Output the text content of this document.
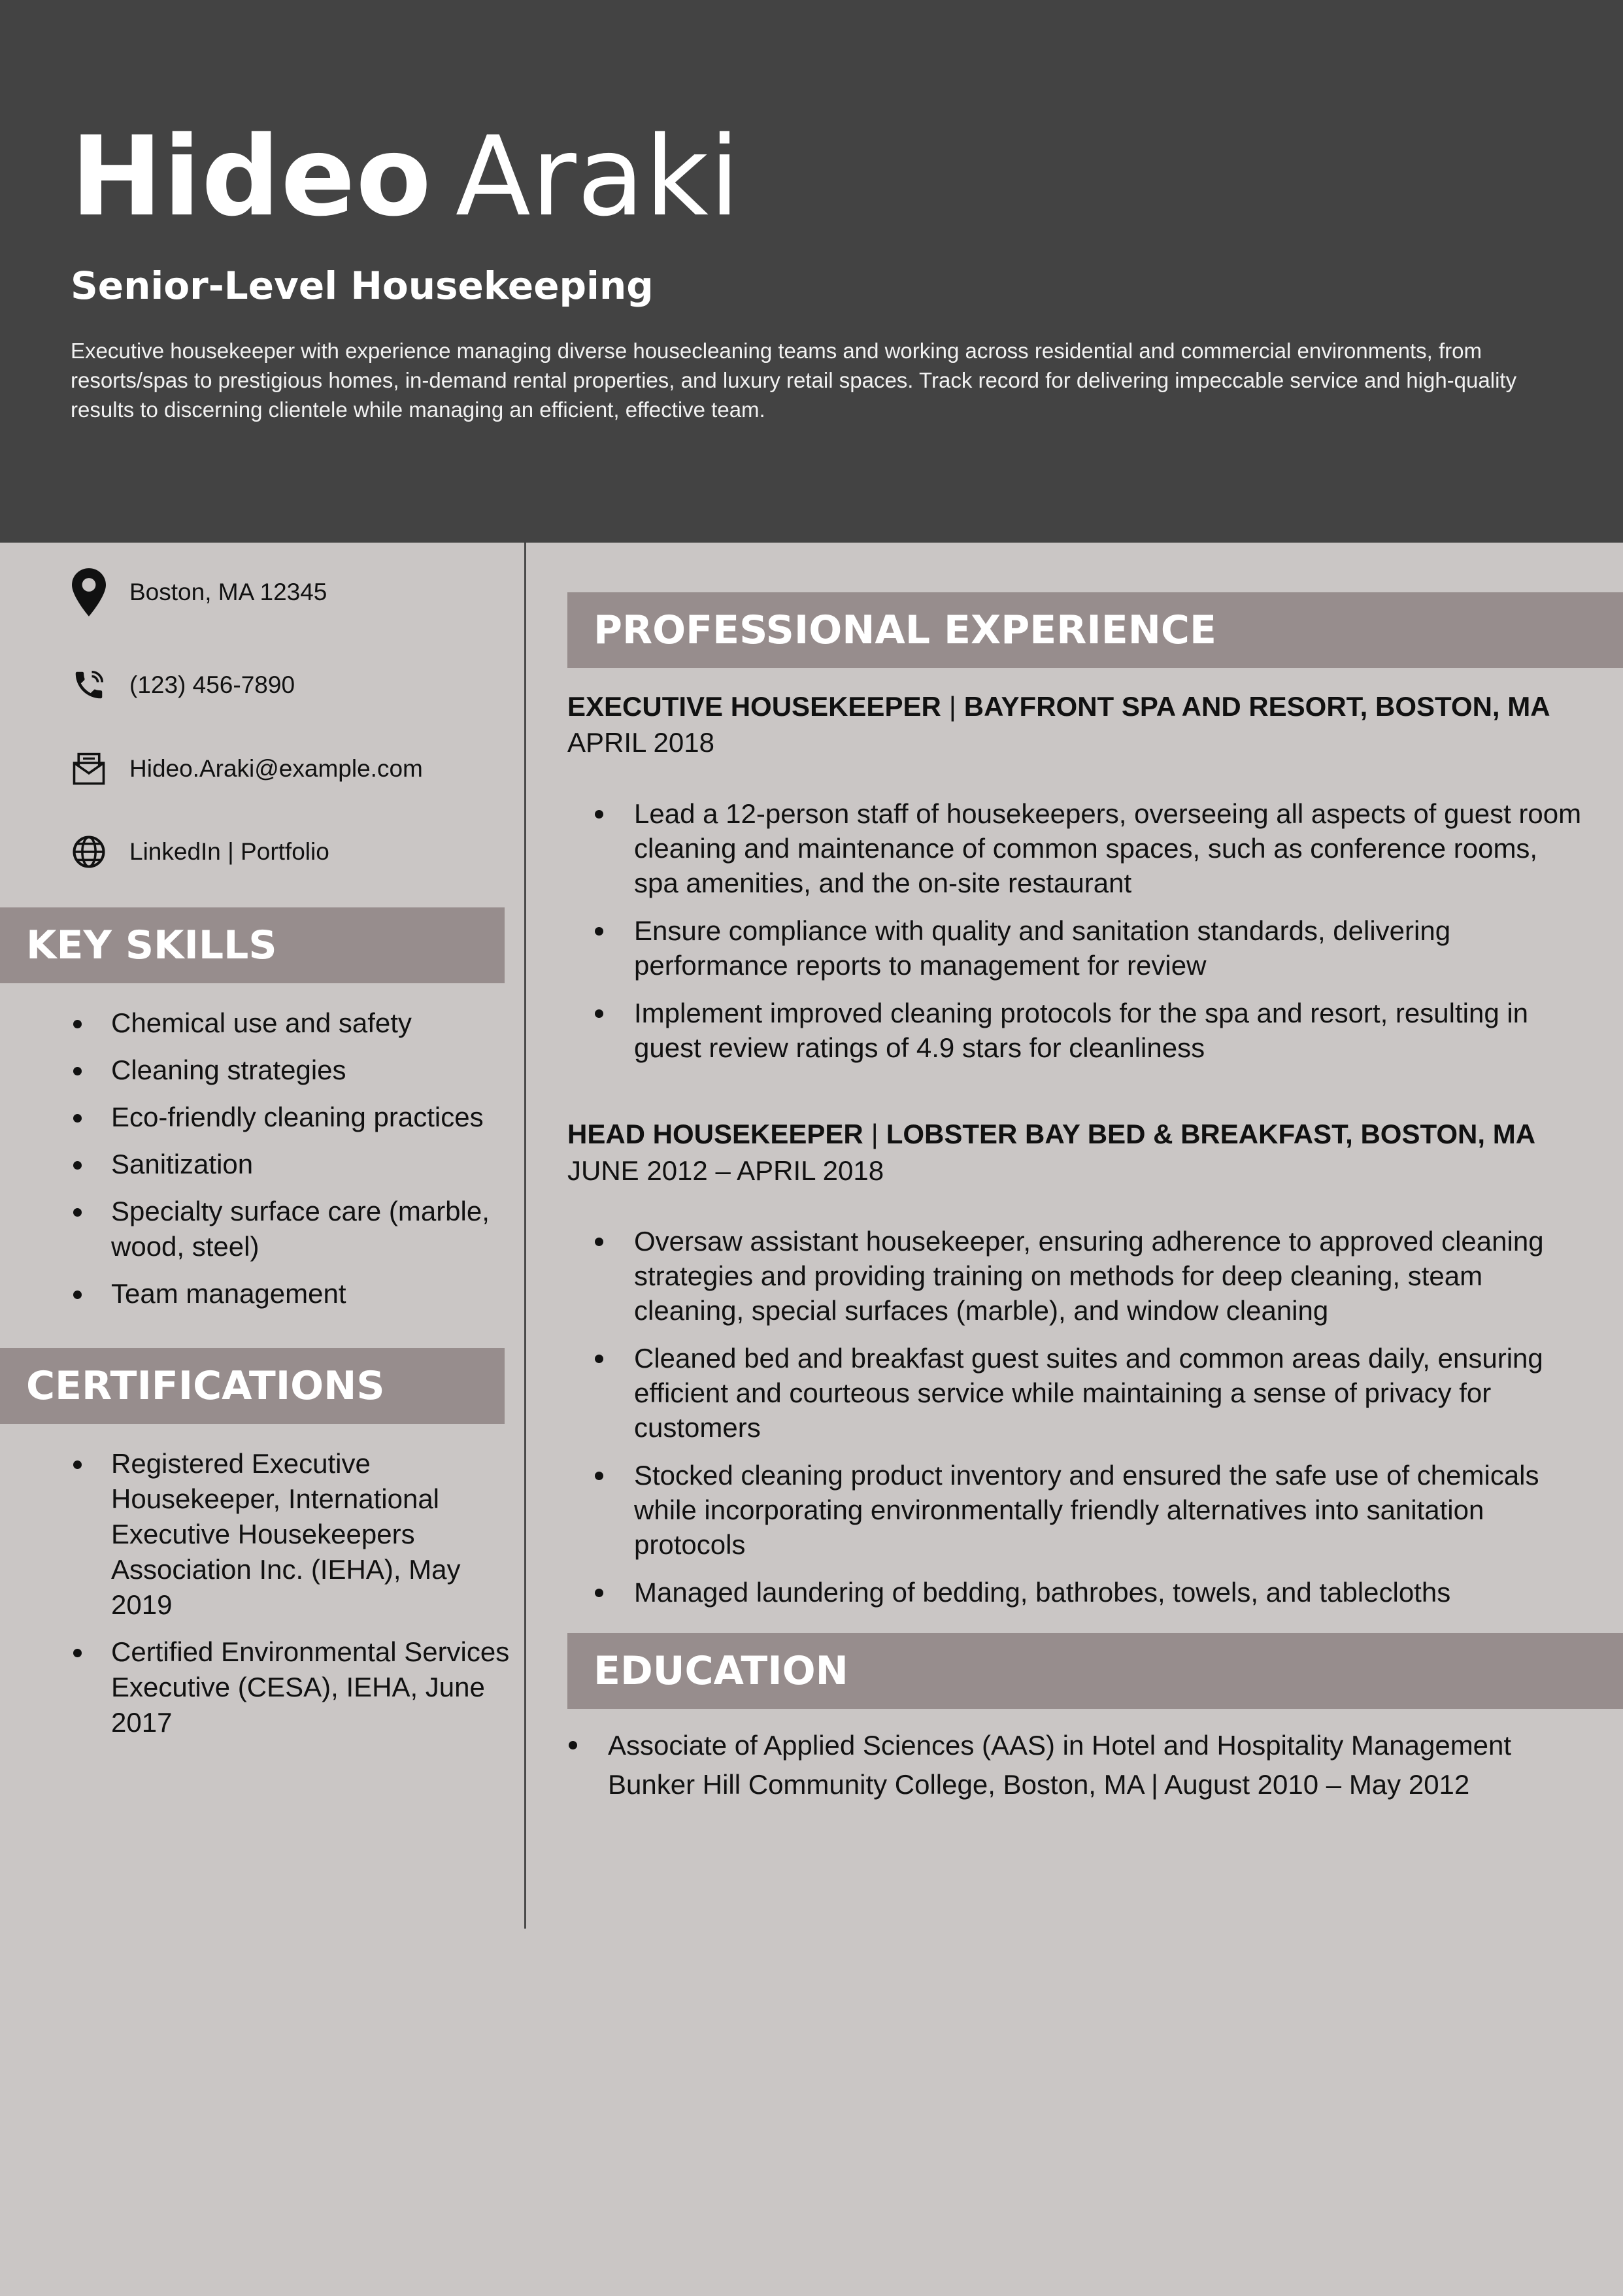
Hideo Araki
Senior-Level Housekeeping
Executive housekeeper with experience managing diverse housecleaning teams and working across residential and commercial environments, from resorts/spas to prestigious homes, in-demand rental properties, and luxury retail spaces. Track record for delivering impeccable service and high-quality results to discerning clientele while managing an efficient, effective team.
Boston, MA 12345
(123) 456-7890
Hideo.Araki@example.com
LinkedIn | Portfolio
KEY SKILLS
Chemical use and safety
Cleaning strategies
Eco-friendly cleaning practices
Sanitization
Specialty surface care (marble, wood, steel)
Team management
CERTIFICATIONS
Registered Executive Housekeeper, International Executive Housekeepers Association Inc. (IEHA), May 2019
Certified Environmental Services Executive (CESA), IEHA, June 2017
PROFESSIONAL EXPERIENCE
EXECUTIVE HOUSEKEEPER | BAYFRONT SPA AND RESORT, BOSTON, MA
APRIL 2018
Lead a 12-person staff of housekeepers, overseeing all aspects of guest room cleaning and maintenance of common spaces, such as conference rooms, spa amenities, and the on-site restaurant
Ensure compliance with quality and sanitation standards, delivering performance reports to management for review
Implement improved cleaning protocols for the spa and resort, resulting in guest review ratings of 4.9 stars for cleanliness
HEAD HOUSEKEEPER | LOBSTER BAY BED & BREAKFAST, BOSTON, MA
JUNE 2012 – APRIL 2018
Oversaw assistant housekeeper, ensuring adherence to approved cleaning strategies and providing training on methods for deep cleaning, steam cleaning, special surfaces (marble), and window cleaning
Cleaned bed and breakfast guest suites and common areas daily, ensuring efficient and courteous service while maintaining a sense of privacy for customers
Stocked cleaning product inventory and ensured the safe use of chemicals while incorporating environmentally friendly alternatives into sanitation protocols
Managed laundering of bedding, bathrobes, towels, and tablecloths
EDUCATION
Associate of Applied Sciences (AAS) in Hotel and Hospitality Management
Bunker Hill Community College, Boston, MA | August 2010 – May 2012
